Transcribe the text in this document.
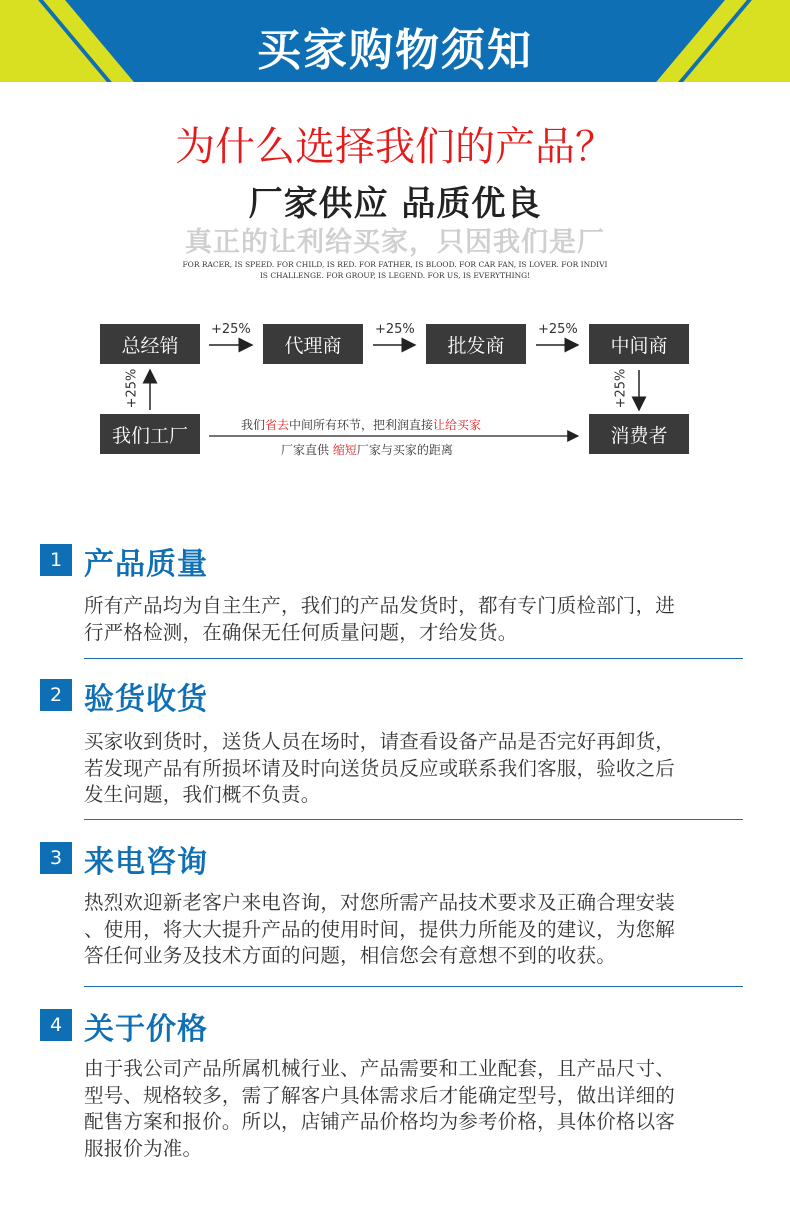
买家购物须知
为什么选择我们的产品？
厂家供应 品质优良
真正的让利给买家，只因我们是厂
FOR RACER, IS SPEED. FOR CHILD, IS RED. FOR FATHER, IS BLOOD. FOR CAR FAN, IS LOVER. FOR INDIVI
IS CHALLENGE. FOR GROUP, IS LEGEND. FOR US, IS EVERYTHING!
总经销	代理商	批发商	中间商
我们工厂	消费者
+25%	+25%	+25%
+25%	+25%
我们省去中间所有环节，把利润直接让给买家
厂家直供 缩短厂家与买家的距离
1 产品质量
所有产品均为自主生产，我们的产品发货时，都有专门质检部门，进
行严格检测，在确保无任何质量问题，才给发货。
2 验货收货
买家收到货时，送货人员在场时，请查看设备产品是否完好再卸货，
若发现产品有所损坏请及时向送货员反应或联系我们客服，验收之后
发生问题，我们概不负责。
3 来电咨询
热烈欢迎新老客户来电咨询，对您所需产品技术要求及正确合理安装
、使用，将大大提升产品的使用时间，提供力所能及的建议，为您解
答任何业务及技术方面的问题，相信您会有意想不到的收获。
4 关于价格
由于我公司产品所属机械行业、产品需要和工业配套，且产品尺寸、
型号、规格较多，需了解客户具体需求后才能确定型号，做出详细的
配售方案和报价。所以，店铺产品价格均为参考价格，具体价格以客
服报价为准。
